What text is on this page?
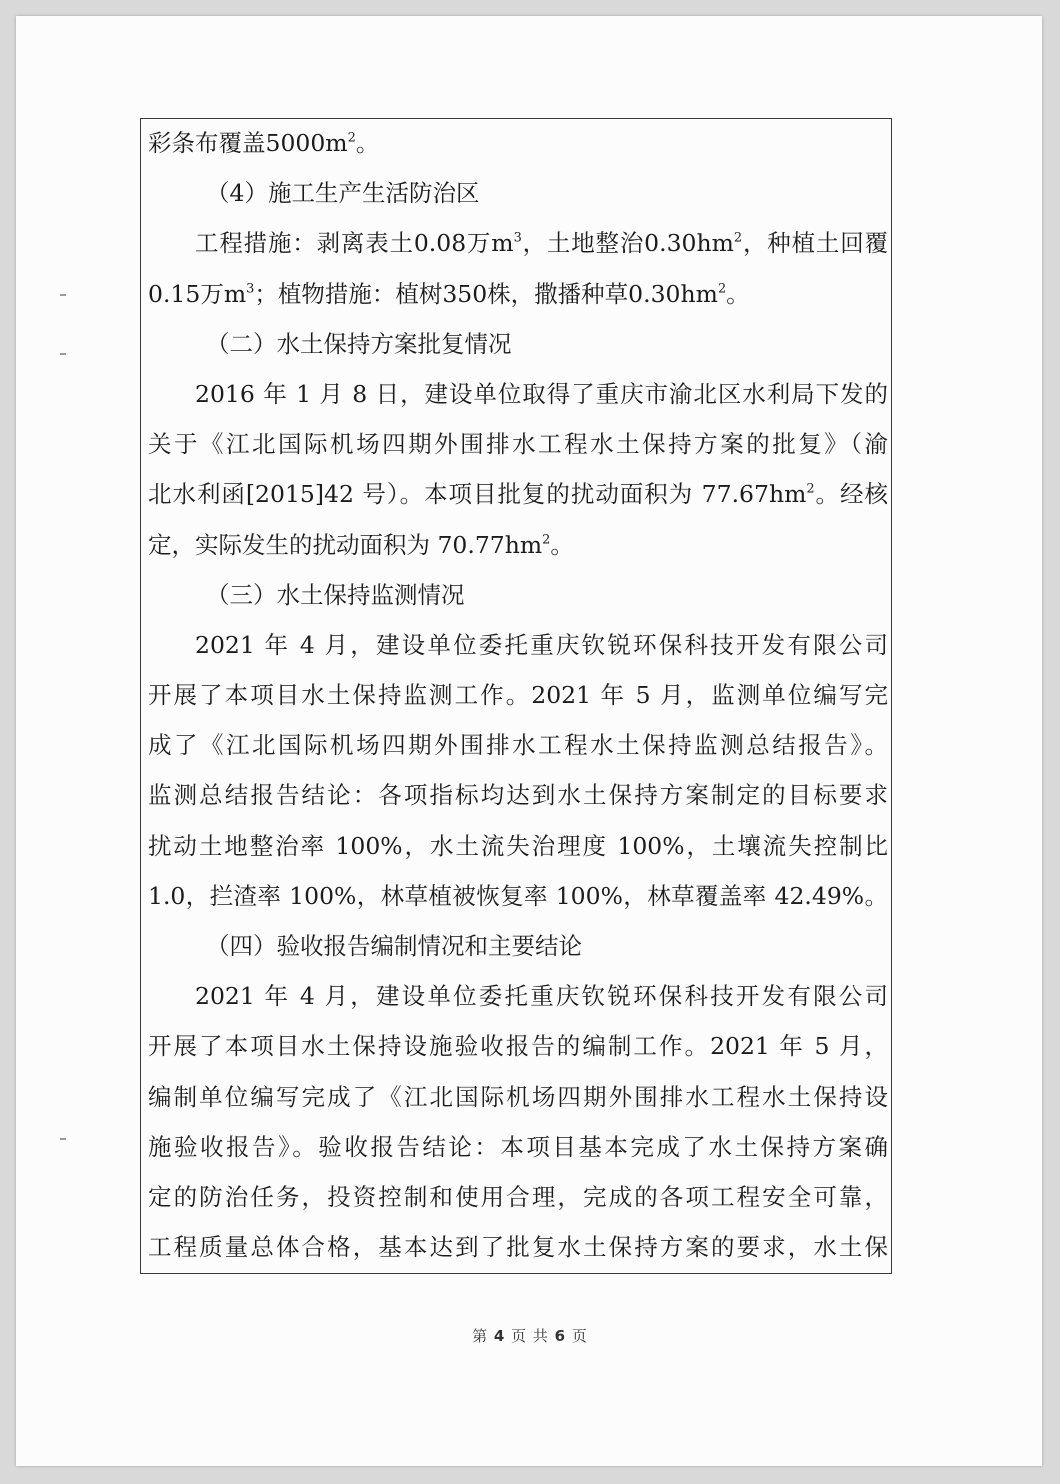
彩条布覆盖$5000m^2$。
（4）施工生产生活防治区
工程措施：剥离表土0.08万$m^3$，土地整治$0.30hm^2$，种植土回覆
0.15万$m^3$；植物措施：植树350株，撒播种草$0.30hm^2$。
（二）水土保持方案批复情况
2016 年 1 月 8 日，建设单位取得了重庆市渝北区水利局下发的
关于《江北国际机场四期外围排水工程水土保持方案的批复》（渝
北水利函[2015]42 号）。本项目批复的扰动面积为 $77.67hm^2$。经核
定，实际发生的扰动面积为 $70.77hm^2$。
（三）水土保持监测情况
2021 年 4 月，建设单位委托重庆钦锐环保科技开发有限公司
开展了本项目水土保持监测工作。2021 年 5 月，监测单位编写完
成了《江北国际机场四期外围排水工程水土保持监测总结报告》。
监测总结报告结论：各项指标均达到水土保持方案制定的目标要求
扰动土地整治率 100%，水土流失治理度 100%，土壤流失控制比
1.0，拦渣率 100%，林草植被恢复率 100%，林草覆盖率 42.49%。
（四）验收报告编制情况和主要结论
2021 年 4 月，建设单位委托重庆钦锐环保科技开发有限公司
开展了本项目水土保持设施验收报告的编制工作。2021 年 5 月，
编制单位编写完成了《江北国际机场四期外围排水工程水土保持设
施验收报告》。验收报告结论：本项目基本完成了水土保持方案确
定的防治任务，投资控制和使用合理，完成的各项工程安全可靠，
工程质量总体合格，基本达到了批复水土保持方案的要求，水土保
第 4 页 共 6 页
